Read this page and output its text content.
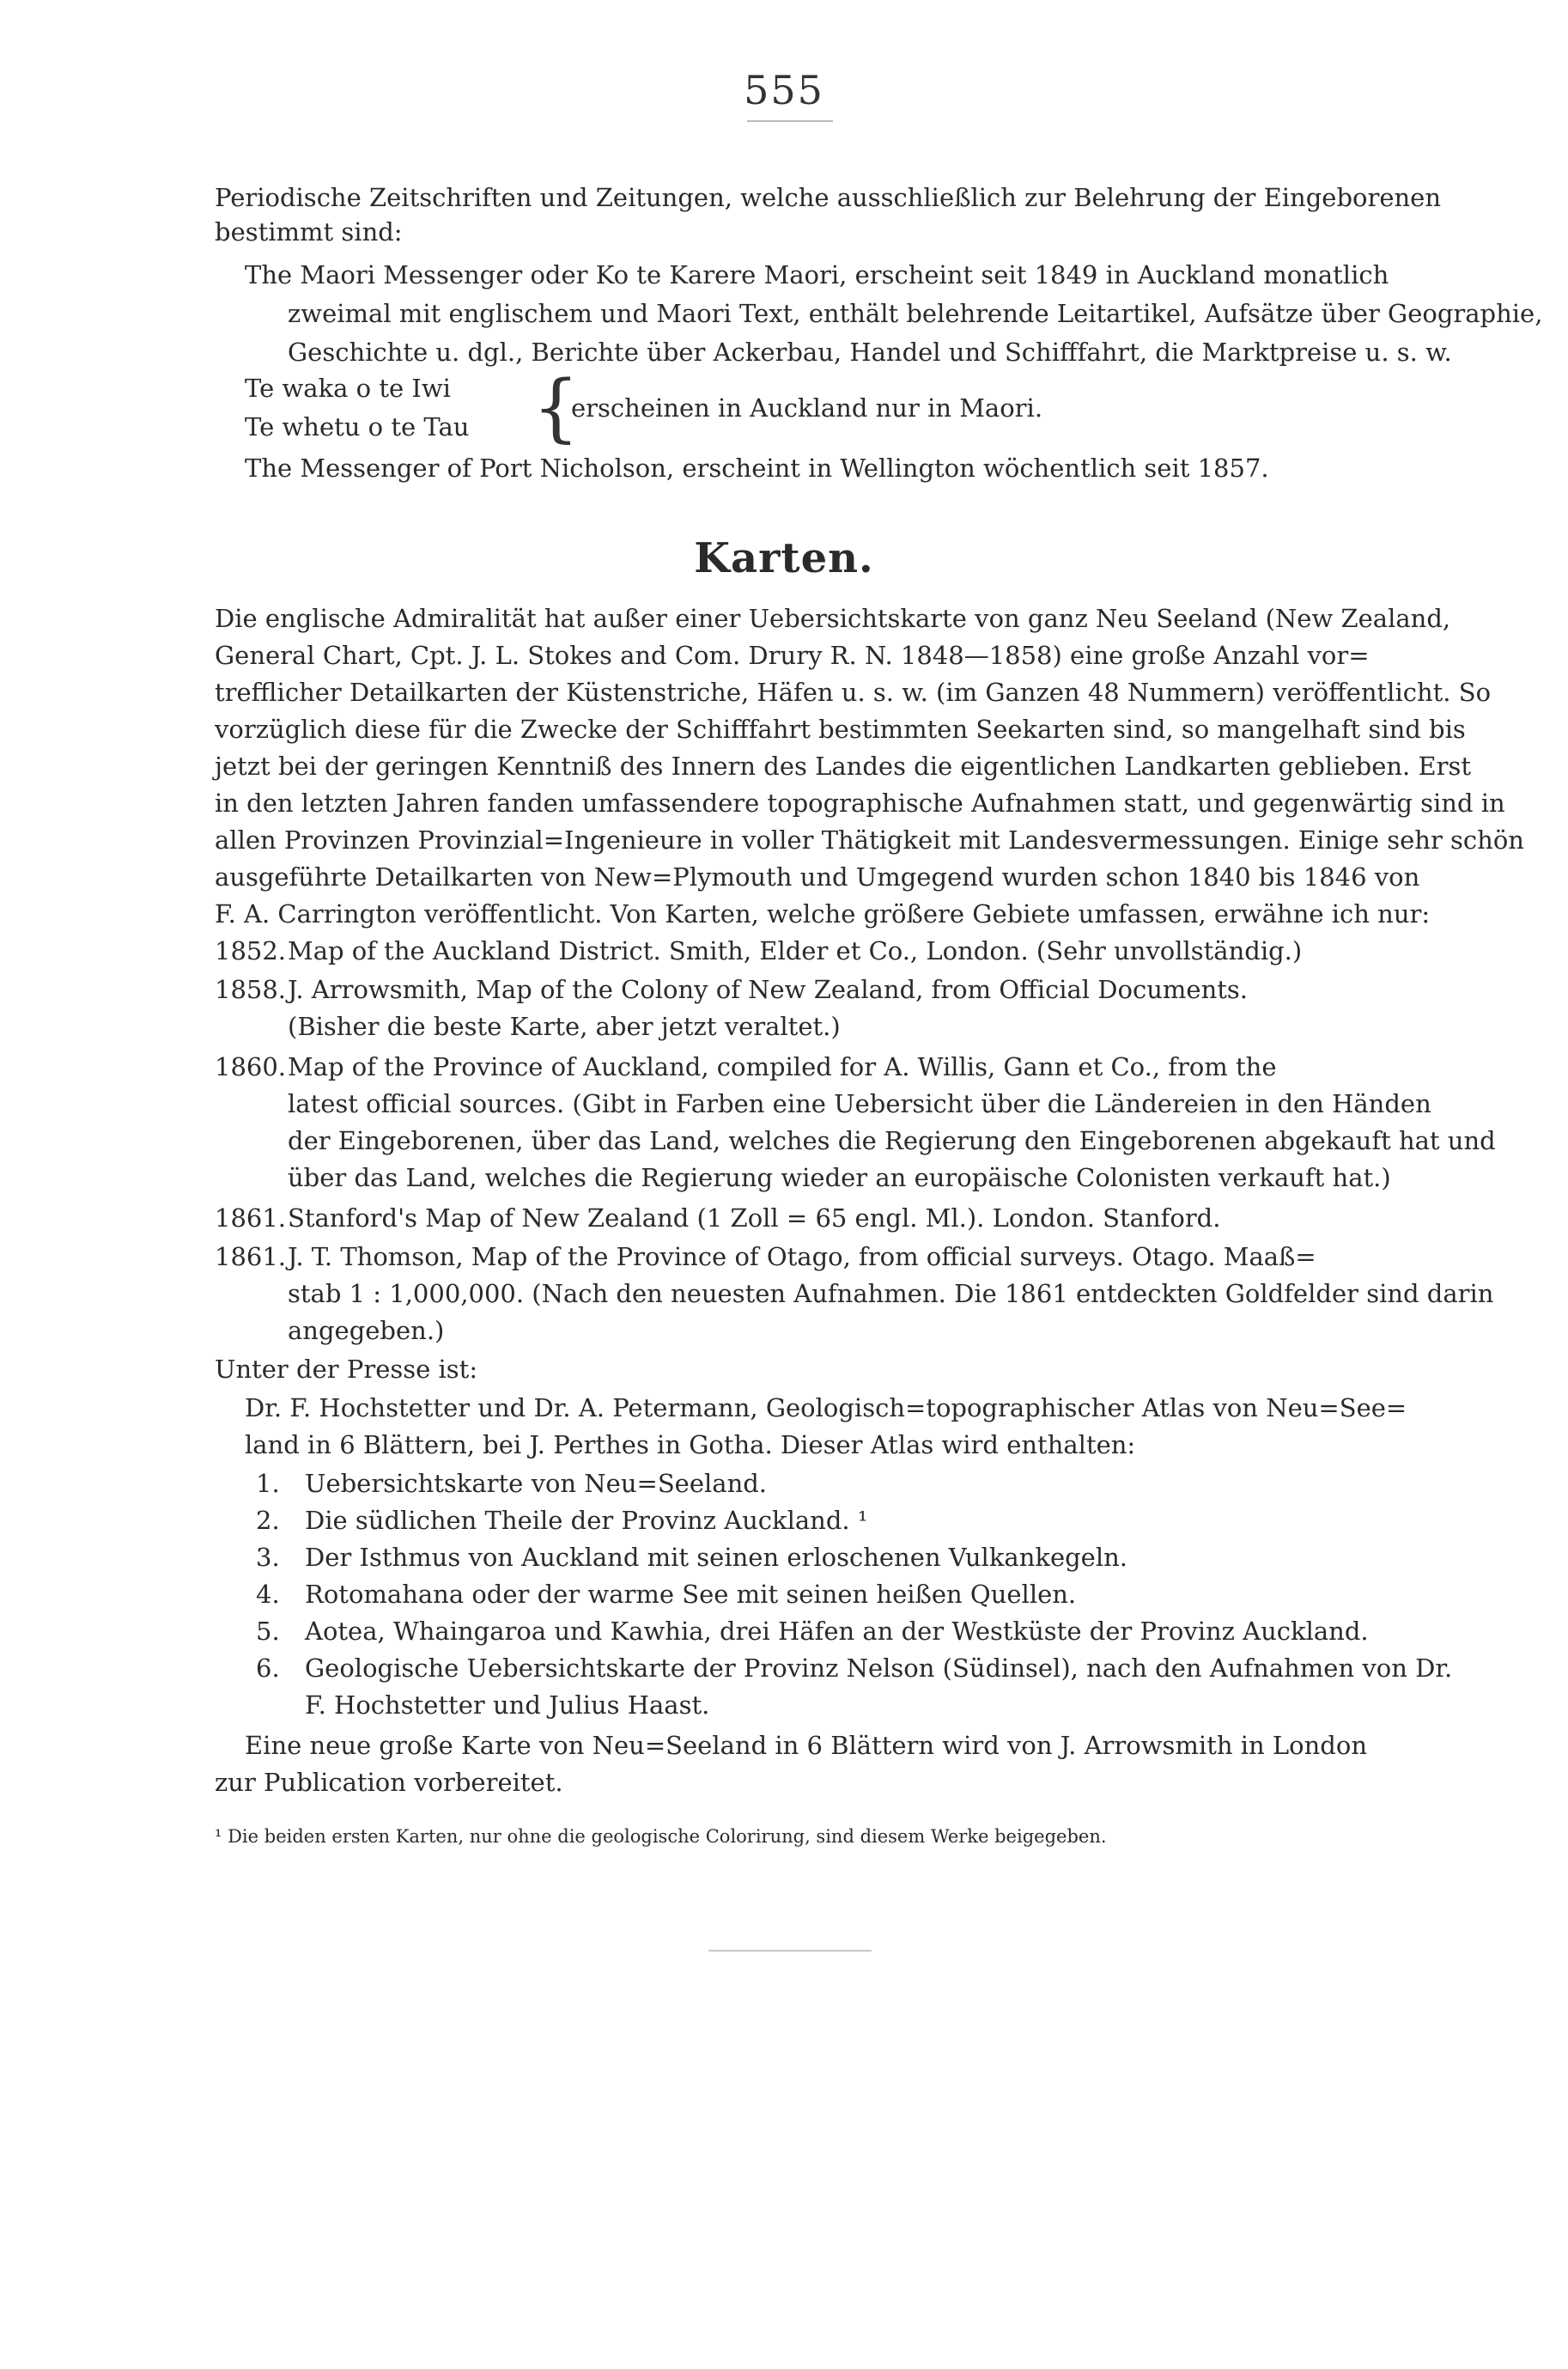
555
Periodische Zeitschriften und Zeitungen, welche ausschließlich zur Belehrung der Eingeborenen
bestimmt sind:
The Maori Messenger oder Ko te Karere Maori, erscheint seit 1849 in Auckland monatlich
zweimal mit englischem und Maori Text, enthält belehrende Leitartikel, Aufsätze über Geographie,
Geschichte u. dgl., Berichte über Ackerbau, Handel und Schifffahrt, die Marktpreise u. s. w.
Te waka o te Iwi
Te whetu o te Tau {
erscheinen in Auckland nur in Maori.
The Messenger of Port Nicholson, erscheint in Wellington wöchentlich seit 1857.
Karten.
Die englische Admiralität hat außer einer Uebersichtskarte von ganz Neu Seeland (New Zealand,
General Chart, Cpt. J. L. Stokes and Com. Drury R. N. 1848—1858) eine große Anzahl vor=
trefflicher Detailkarten der Küstenstriche, Häfen u. s. w. (im Ganzen 48 Nummern) veröffentlicht. So
vorzüglich diese für die Zwecke der Schifffahrt bestimmten Seekarten sind, so mangelhaft sind bis
jetzt bei der geringen Kenntniß des Innern des Landes die eigentlichen Landkarten geblieben. Erst
in den letzten Jahren fanden umfassendere topographische Aufnahmen statt, und gegenwärtig sind in
allen Provinzen Provinzial=Ingenieure in voller Thätigkeit mit Landesvermessungen. Einige sehr schön
ausgeführte Detailkarten von New=Plymouth und Umgegend wurden schon 1840 bis 1846 von
F. A. Carrington veröffentlicht. Von Karten, welche größere Gebiete umfassen, erwähne ich nur:
1852. Map of the Auckland District. Smith, Elder et Co., London. (Sehr unvollständig.)
1858. J. Arrowsmith, Map of the Colony of New Zealand, from Official Documents.
(Bisher die beste Karte, aber jetzt veraltet.)
1860. Map of the Province of Auckland, compiled for A. Willis, Gann et Co., from the
latest official sources. (Gibt in Farben eine Uebersicht über die Ländereien in den Händen
der Eingeborenen, über das Land, welches die Regierung den Eingeborenen abgekauft hat und
über das Land, welches die Regierung wieder an europäische Colonisten verkauft hat.)
1861. Stanford's Map of New Zealand (1 Zoll = 65 engl. Ml.). London. Stanford.
1861. J. T. Thomson, Map of the Province of Otago, from official surveys. Otago. Maaß=
stab 1 : 1,000,000. (Nach den neuesten Aufnahmen. Die 1861 entdeckten Goldfelder sind darin
angegeben.)
Unter der Presse ist:
Dr. F. Hochstetter und Dr. A. Petermann, Geologisch=topographischer Atlas von Neu=See=
land in 6 Blättern, bei J. Perthes in Gotha. Dieser Atlas wird enthalten:
1. Uebersichtskarte von Neu=Seeland.
2. Die südlichen Theile der Provinz Auckland. ¹
3. Der Isthmus von Auckland mit seinen erloschenen Vulkankegeln.
4. Rotomahana oder der warme See mit seinen heißen Quellen.
5. Aotea, Whaingaroa und Kawhia, drei Häfen an der Westküste der Provinz Auckland.
6. Geologische Uebersichtskarte der Provinz Nelson (Südinsel), nach den Aufnahmen von Dr.
F. Hochstetter und Julius Haast.
Eine neue große Karte von Neu=Seeland in 6 Blättern wird von J. Arrowsmith in London
zur Publication vorbereitet.
¹ Die beiden ersten Karten, nur ohne die geologische Colorirung, sind diesem Werke beigegeben.
